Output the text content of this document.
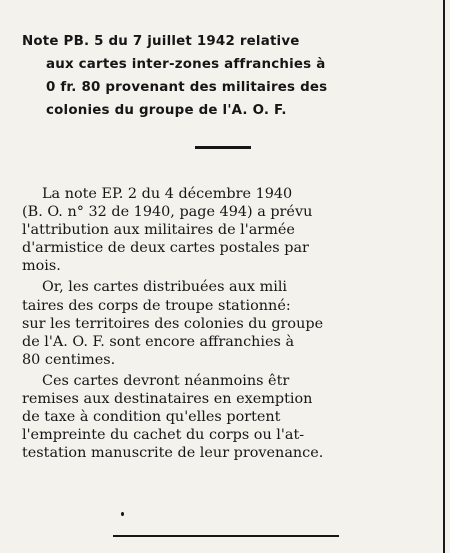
Note PB. 5 du 7 juillet 1942 relative
aux cartes inter-zones affranchies à
0 fr. 80 provenant des militaires des
colonies du groupe de l'A. O. F.
La note EP. 2 du 4 décembre 1940
(B. O. n° 32 de 1940, page 494) a prévu
l'attribution aux militaires de l'armée
d'armistice de deux cartes postales par
mois.
Or, les cartes distribuées aux mili
taires des corps de troupe stationné:
sur les territoires des colonies du groupe
de l'A. O. F. sont encore affranchies à
80 centimes.
Ces cartes devront néanmoins êtr
remises aux destinataires en exemption
de taxe à condition qu'elles portent
l'empreinte du cachet du corps ou l'at-
testation manuscrite de leur provenance.
